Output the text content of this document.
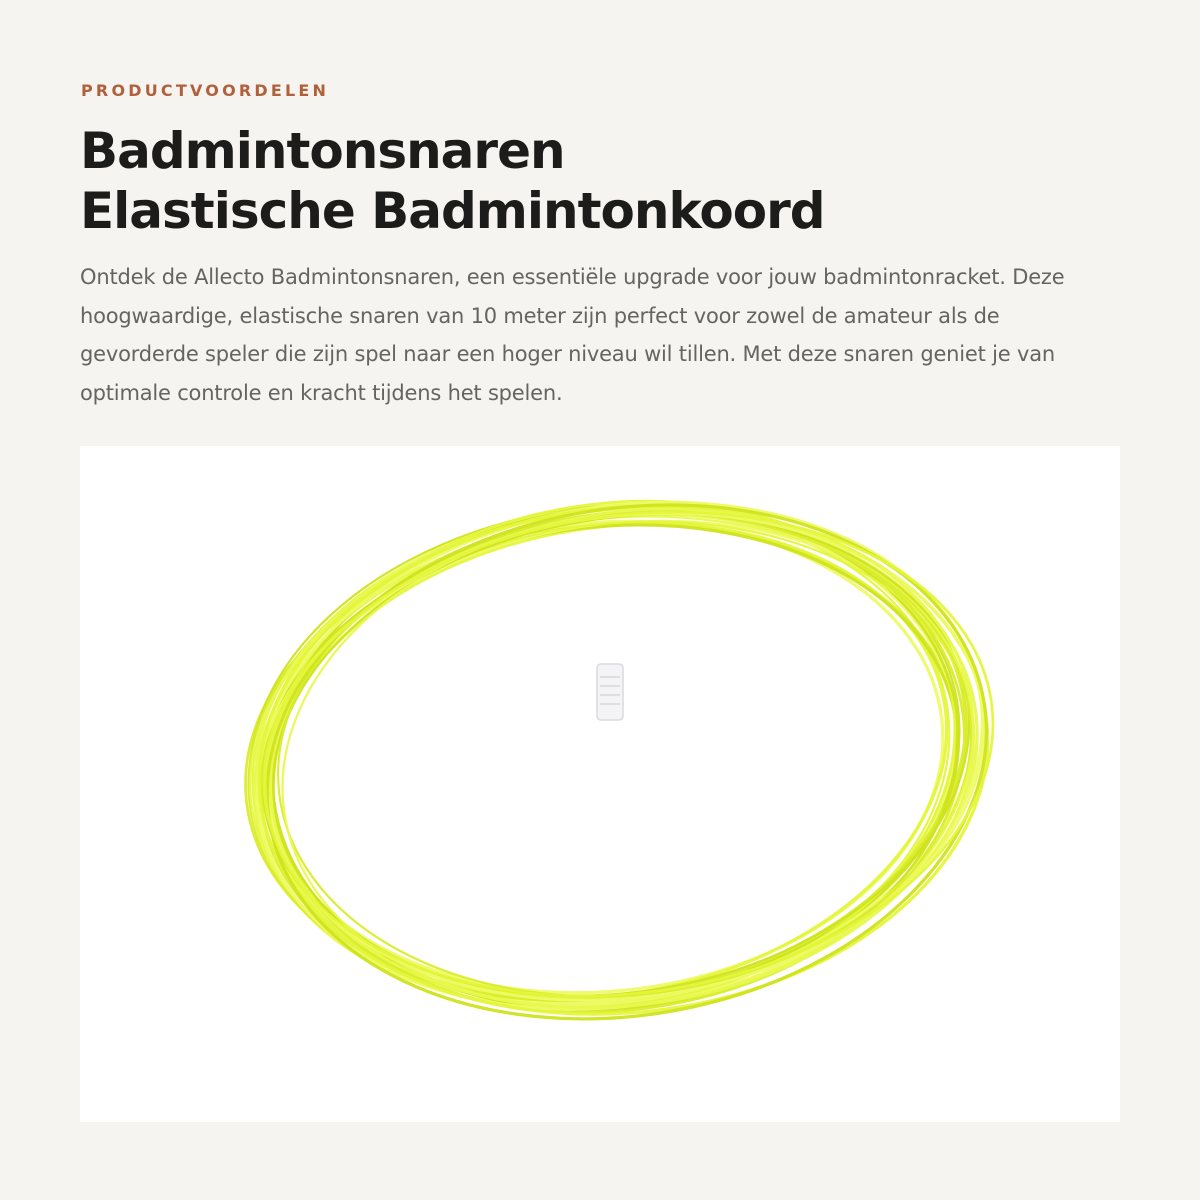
PRODUCTVOORDELEN
Badmintonsnaren
Elastische Badmintonkoord

Ontdek de Allecto Badmintonsnaren, een essentiële upgrade voor jouw badmintonracket. Deze hoogwaardige, elastische snaren van 10 meter zijn perfect voor zowel de amateur als de gevorderde speler die zijn spel naar een hoger niveau wil tillen. Met deze snaren geniet je van optimale controle en kracht tijdens het spelen.
